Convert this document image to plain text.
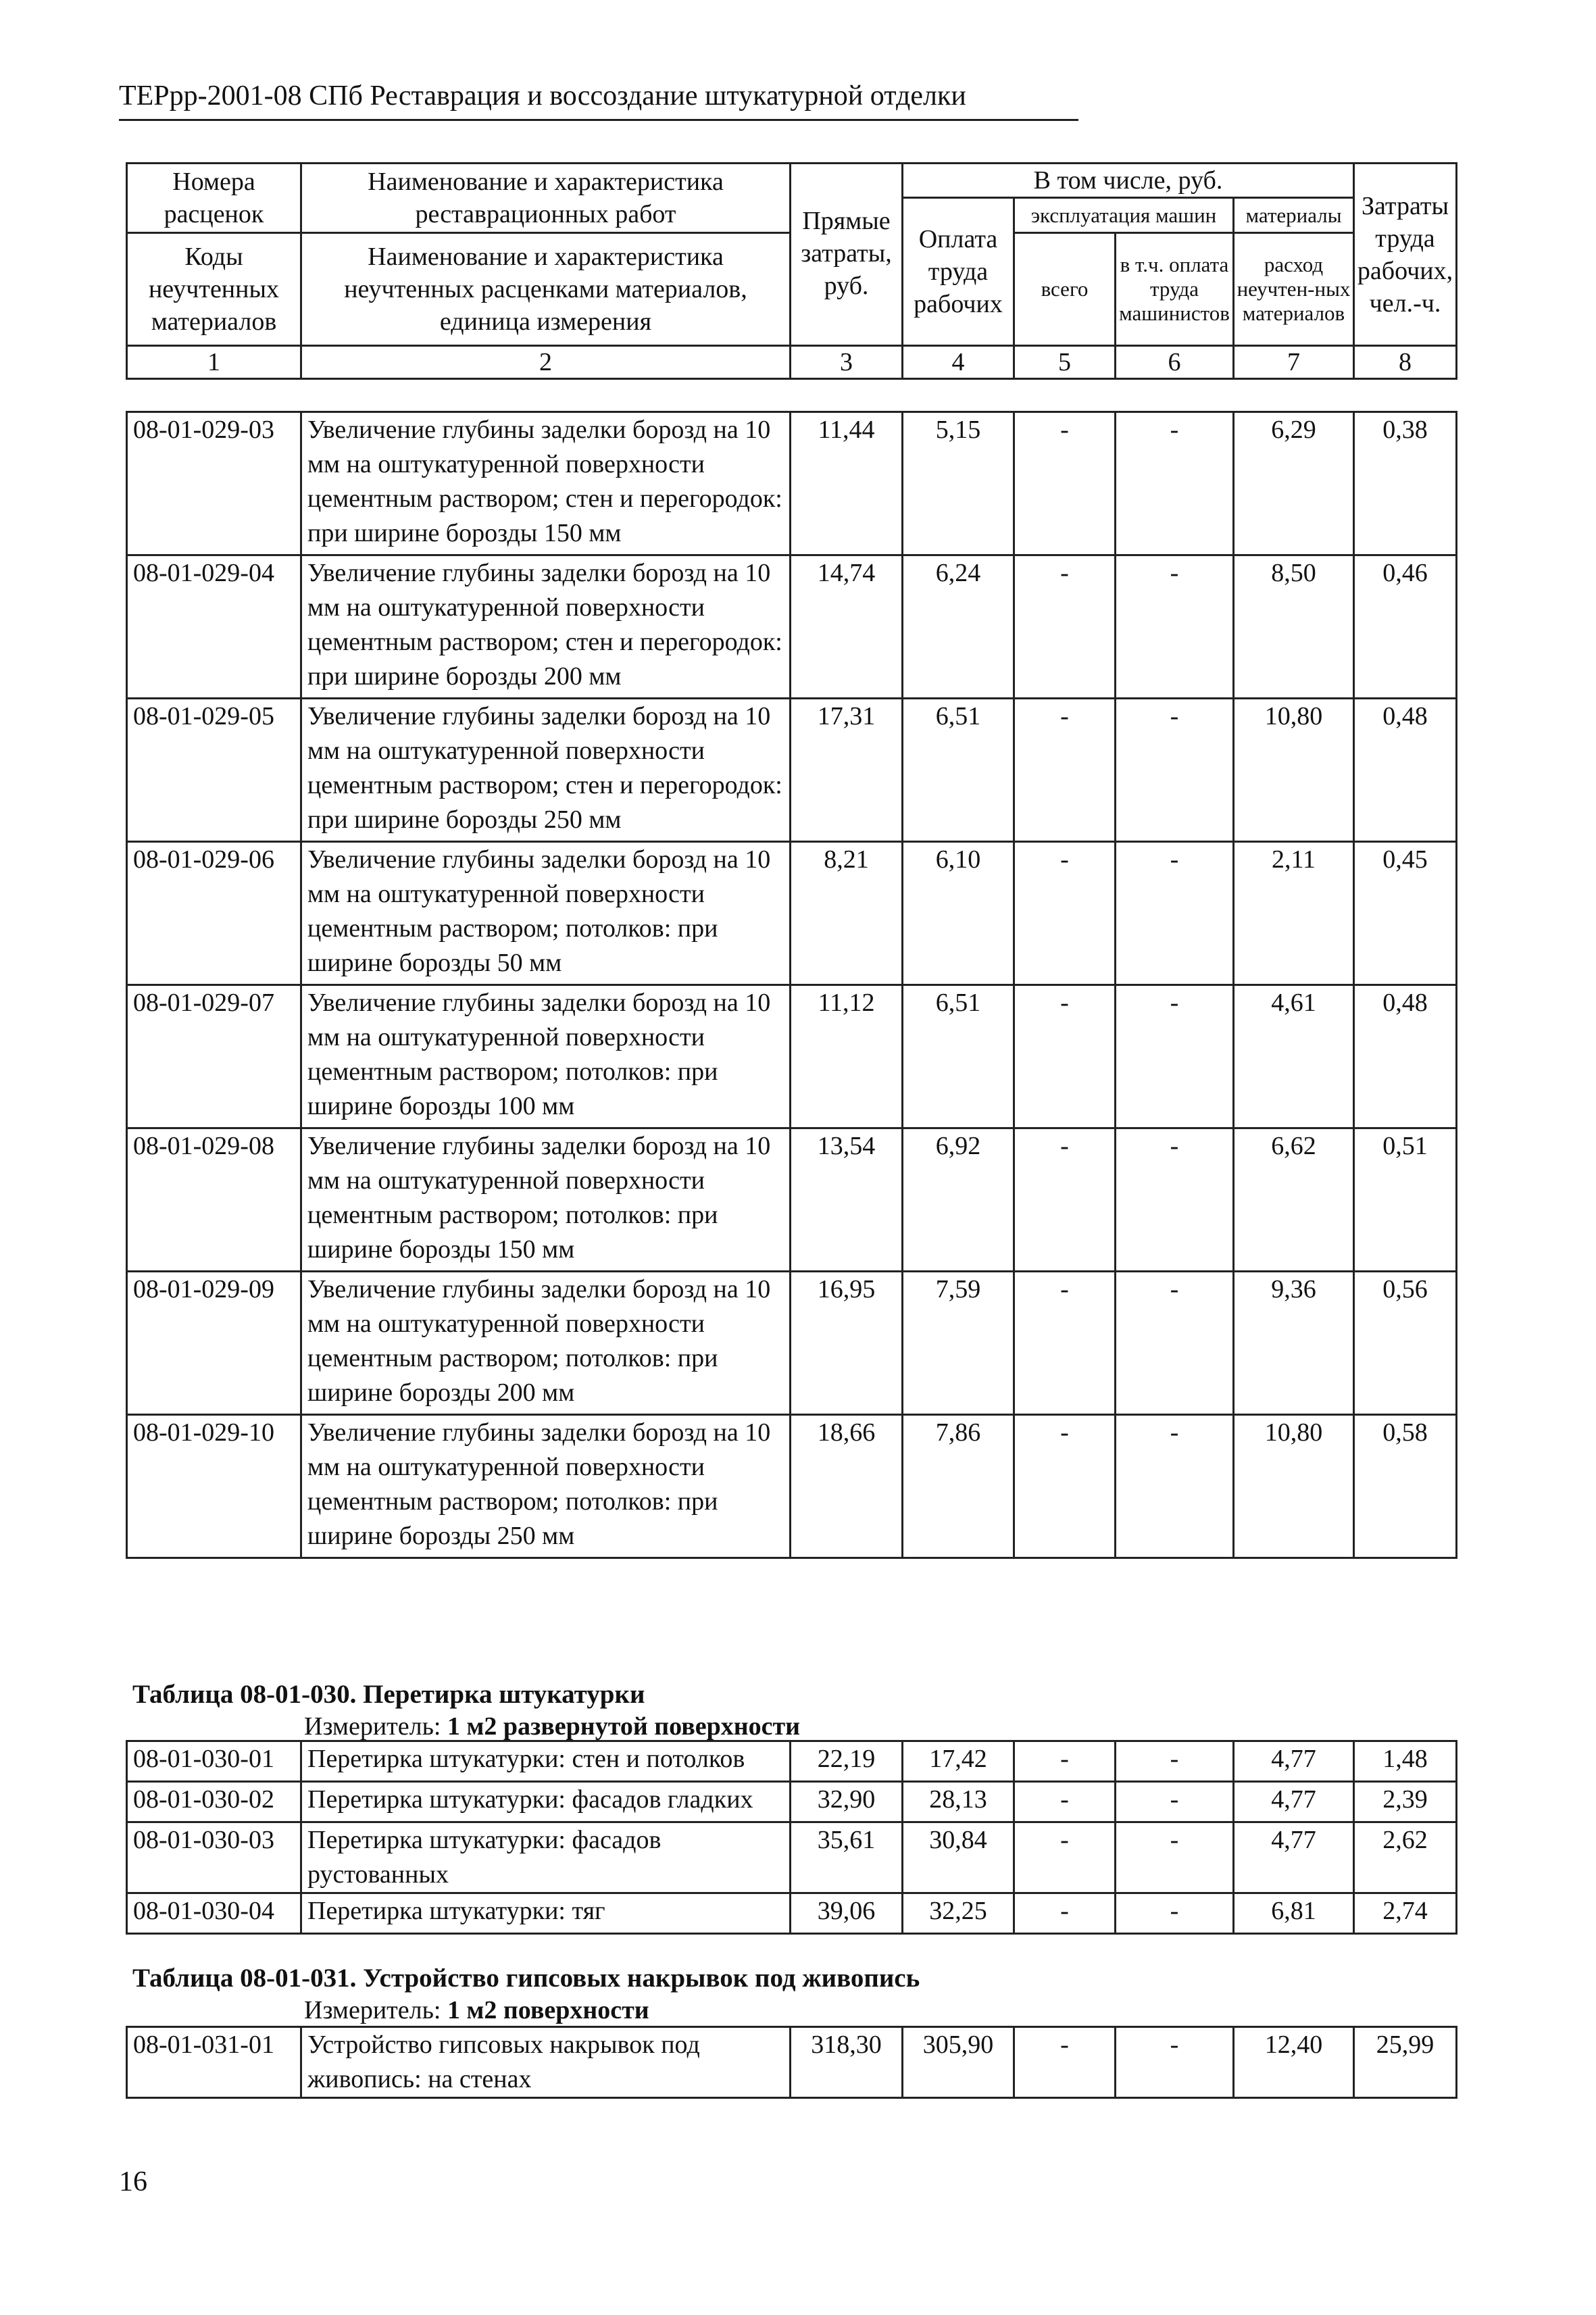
ТЕРрр-2001-08 СПб Реставрация и воссоздание штукатурной отделки
Номера расценок	Наименование и характеристика реставрационных работ	Прямые затраты, руб.	В том числе, руб.				Затраты труда рабочих, чел.-ч.
			Оплата труда рабочих	эксплуатация машин		материалы	
Коды неучтенных материалов	Наименование и характеристика неучтенных расценками материалов, единица измерения			всего	в т.ч. оплата труда машинистов	расход неучтен-ных материалов	

1	2	3	4	5	6	7	8
08-01-029-03	Увеличение глубины заделки борозд на 10 мм на оштукатуренной поверхности цементным раствором; стен и перегородок: при ширине борозды 150 мм	11,44	5,15	-	-	6,29	0,38
08-01-029-04	Увеличение глубины заделки борозд на 10 мм на оштукатуренной поверхности цементным раствором; стен и перегородок: при ширине борозды 200 мм	14,74	6,24	-	-	8,50	0,46
08-01-029-05	Увеличение глубины заделки борозд на 10 мм на оштукатуренной поверхности цементным раствором; стен и перегородок: при ширине борозды 250 мм	17,31	6,51	-	-	10,80	0,48
08-01-029-06	Увеличение глубины заделки борозд на 10 мм на оштукатуренной поверхности цементным раствором; потолков: при ширине борозды 50 мм	8,21	6,10	-	-	2,11	0,45
08-01-029-07	Увеличение глубины заделки борозд на 10 мм на оштукатуренной поверхности цементным раствором; потолков: при ширине борозды 100 мм	11,12	6,51	-	-	4,61	0,48
08-01-029-08	Увеличение глубины заделки борозд на 10 мм на оштукатуренной поверхности цементным раствором; потолков: при ширине борозды 150 мм	13,54	6,92	-	-	6,62	0,51
08-01-029-09	Увеличение глубины заделки борозд на 10 мм на оштукатуренной поверхности цементным раствором; потолков: при ширине борозды 200 мм	16,95	7,59	-	-	9,36	0,56
08-01-029-10	Увеличение глубины заделки борозд на 10 мм на оштукатуренной поверхности цементным раствором; потолков: при ширине борозды 250 мм	18,66	7,86	-	-	10,80	0,58
Таблица 08-01-030. Перетирка штукатурки
Измеритель: 1 м2 развернутой поверхности
08-01-030-01	Перетирка штукатурки: стен и потолков	22,19	17,42	-	-	4,77	1,48
08-01-030-02	Перетирка штукатурки: фасадов гладких	32,90	28,13	-	-	4,77	2,39
08-01-030-03	Перетирка штукатурки: фасадов рустованных	35,61	30,84	-	-	4,77	2,62
08-01-030-04	Перетирка штукатурки: тяг	39,06	32,25	-	-	6,81	2,74
Таблица 08-01-031. Устройство гипсовых накрывок под живопись
Измеритель: 1 м2 поверхности
08-01-031-01	Устройство гипсовых накрывок под живопись: на стенах	318,30	305,90	-	-	12,40	25,99
16
